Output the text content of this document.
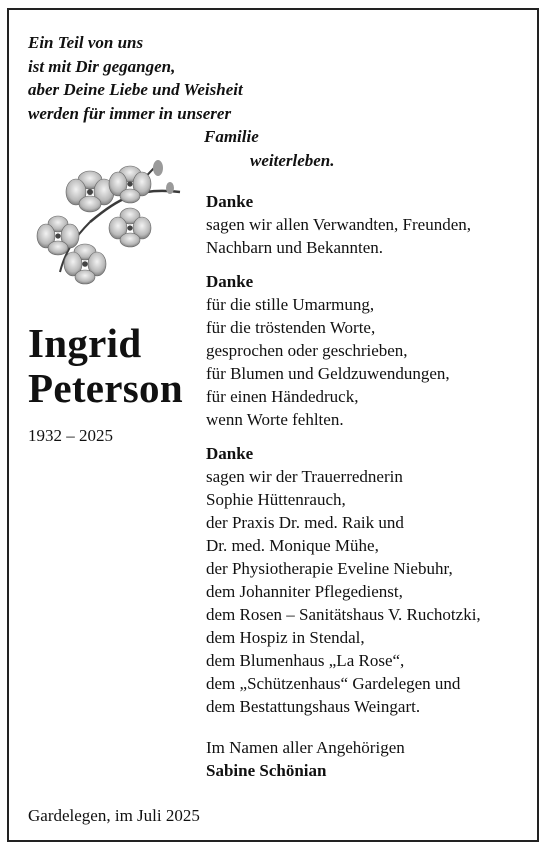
Ein Teil von uns
ist mit Dir gegangen,
aber Deine Liebe und Weisheit
werden für immer in unserer
Familie
weiterleben.
Ingrid
Peterson
1932 – 2025
Danke
sagen wir allen Verwandten, Freunden,
Nachbarn und Bekannten.
Danke
für die stille Umarmung,
für die tröstenden Worte,
gesprochen oder geschrieben,
für Blumen und Geldzuwendungen,
für einen Händedruck,
wenn Worte fehlten.
Danke
sagen wir der Trauerrednerin
Sophie Hüttenrauch,
der Praxis Dr. med. Raik und
Dr. med. Monique Mühe,
der Physiotherapie Eveline Niebuhr,
dem Johanniter Pflegedienst,
dem Rosen – Sanitätshaus V. Ruchotzki,
dem Hospiz in Stendal,
dem Blumenhaus „La Rose“,
dem „Schützenhaus“ Gardelegen und
dem Bestattungshaus Weingart.
Im Namen aller Angehörigen
Sabine Schönian
Gardelegen, im Juli 2025
